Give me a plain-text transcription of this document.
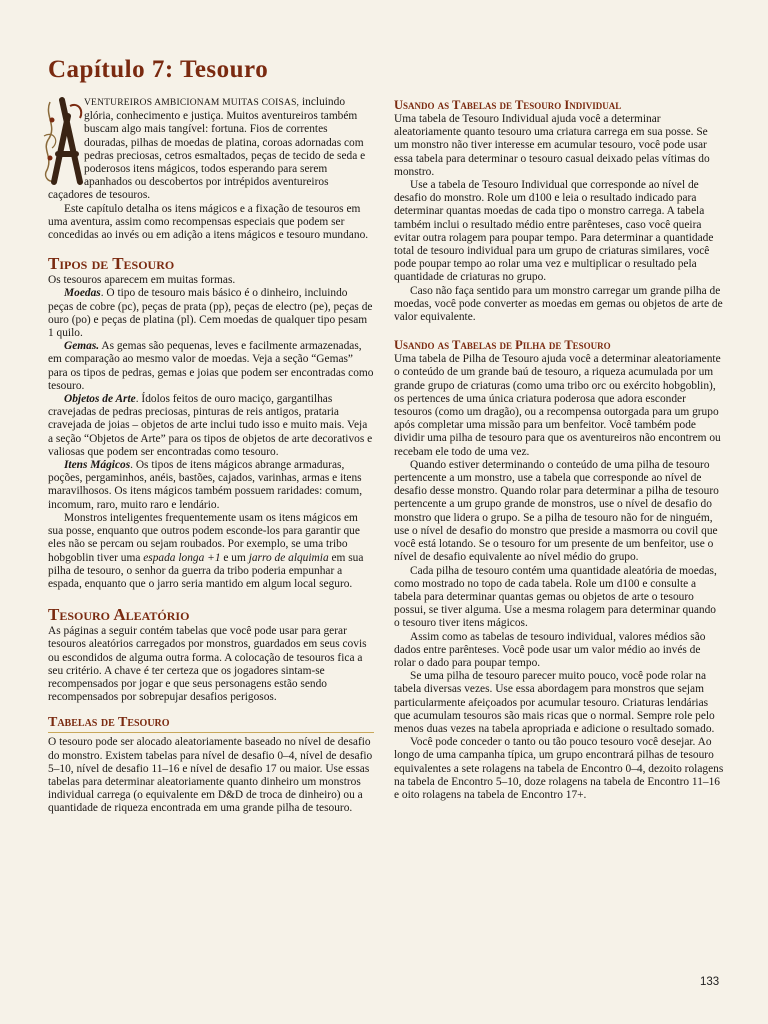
Capítulo 7: Tesouro

VENTUREIROS AMBICIONAM MUITAS COISAS, incluindo glória, conhecimento e justiça. Muitos aventureiros também buscam algo mais tangível: fortuna. Fios de correntes douradas, pilhas de moedas de platina, coroas adornadas com pedras preciosas, cetros esmaltados, peças de tecido de seda e poderosos itens mágicos, todos esperando para serem apanhados ou descobertos por intrépidos aventureiros caçadores de tesouros.

Este capítulo detalha os itens mágicos e a fixação de tesouros em uma aventura, assim como recompensas especiais que podem ser concedidas ao invés ou em adição a itens mágicos e tesouro mundano.

Tipos de Tesouro

Os tesouros aparecem em muitas formas.

Moedas. O tipo de tesouro mais básico é o dinheiro, incluindo peças de cobre (pc), peças de prata (pp), peças de electro (pe), peças de ouro (po) e peças de platina (pl). Cem moedas de qualquer tipo pesam 1 quilo.

Gemas. As gemas são pequenas, leves e facilmente armazenadas, em comparação ao mesmo valor de moedas. Veja a seção “Gemas” para os tipos de pedras, gemas e joias que podem ser encontradas como tesouro.

Objetos de Arte. Ídolos feitos de ouro maciço, gargantilhas cravejadas de pedras preciosas, pinturas de reis antigos, prataria cravejada de joias – objetos de arte inclui tudo isso e muito mais. Veja a seção “Objetos de Arte” para os tipos de objetos de arte decorativos e valiosas que podem ser encontradas como tesouro.

Itens Mágicos. Os tipos de itens mágicos abrange armaduras, poções, pergaminhos, anéis, bastões, cajados, varinhas, armas e itens maravilhosos. Os itens mágicos também possuem raridades: comum, incomum, raro, muito raro e lendário.

Monstros inteligentes frequentemente usam os itens mágicos em sua posse, enquanto que outros podem esconde-los para garantir que eles não se percam ou sejam roubados. Por exemplo, se uma tribo hobgoblin tiver uma espada longa +1 e um jarro de alquimia em sua pilha de tesouro, o senhor da guerra da tribo poderia empunhar a espada, enquanto que o jarro seria mantido em algum local seguro.

Tesouro Aleatório

As páginas a seguir contém tabelas que você pode usar para gerar tesouros aleatórios carregados por monstros, guardados em seus covis ou escondidos de alguma outra forma. A colocação de tesouros fica a seu critério. A chave é ter certeza que os jogadores sintam-se recompensados por jogar e que seus personagens estão sendo recompensados por sobrepujar desafios perigosos.

Tabelas de Tesouro

O tesouro pode ser alocado aleatoriamente baseado no nível de desafio do monstro. Existem tabelas para nível de desafio 0–4, nível de desafio 5–10, nível de desafio 11–16 e nível de desafio 17 ou maior. Use essas tabelas para determinar aleatoriamente quanto dinheiro um monstros individual carrega (o equivalente em D&D de troca de dinheiro) ou a quantidade de riqueza encontrada em uma grande pilha de tesouro.

Usando as Tabelas de Tesouro Individual

Uma tabela de Tesouro Individual ajuda você a determinar aleatoriamente quanto tesouro uma criatura carrega em sua posse. Se um monstro não tiver interesse em acumular tesouro, você pode usar essa tabela para determinar o tesouro casual deixado pelas vítimas do monstro.

Use a tabela de Tesouro Individual que corresponde ao nível de desafio do monstro. Role um d100 e leia o resultado indicado para determinar quantas moedas de cada tipo o monstro carrega. A tabela também inclui o resultado médio entre parênteses, caso você queira evitar outra rolagem para poupar tempo. Para determinar a quantidade total de tesouro individual para um grupo de criaturas similares, você pode poupar tempo ao rolar uma vez e multiplicar o resultado pela quantidade de criaturas no grupo.

Caso não faça sentido para um monstro carregar um grande pilha de moedas, você pode converter as moedas em gemas ou objetos de arte de valor equivalente.

Usando as Tabelas de Pilha de Tesouro

Uma tabela de Pilha de Tesouro ajuda você a determinar aleatoriamente o conteúdo de um grande baú de tesouro, a riqueza acumulada por um grande grupo de criaturas (como uma tribo orc ou exército hobgoblin), os pertences de uma única criatura poderosa que adora esconder tesouros (como um dragão), ou a recompensa outorgada para um grupo após completar uma missão para um benfeitor. Você também pode dividir uma pilha de tesouro para que os aventureiros não encontrem ou recebam ele todo de uma vez.

Quando estiver determinando o conteúdo de uma pilha de tesouro pertencente a um monstro, use a tabela que corresponde ao nível de desafio desse monstro. Quando rolar para determinar a pilha de tesouro pertencente a um grupo grande de monstros, use o nível de desafio do monstro que lidera o grupo. Se a pilha de tesouro não for de ninguém, use o nível de desafio do monstro que preside a masmorra ou covil que você está lotando. Se o tesouro for um presente de um benfeitor, use o nível de desafio equivalente ao nível médio do grupo.

Cada pilha de tesouro contém uma quantidade aleatória de moedas, como mostrado no topo de cada tabela. Role um d100 e consulte a tabela para determinar quantas gemas ou objetos de arte o tesouro possui, se tiver alguma. Use a mesma rolagem para determinar quando o tesouro tiver itens mágicos.

Assim como as tabelas de tesouro individual, valores médios são dados entre parênteses. Você pode usar um valor médio ao invés de rolar o dado para poupar tempo.

Se uma pilha de tesouro parecer muito pouco, você pode rolar na tabela diversas vezes. Use essa abordagem para monstros que sejam particularmente afeiçoados por acumular tesouro. Criaturas lendárias que acumulam tesouros são mais ricas que o normal. Sempre role pelo menos duas vezes na tabela apropriada e adicione o resultado somado.

Você pode conceder o tanto ou tão pouco tesouro você desejar. Ao longo de uma campanha típica, um grupo encontrará pilhas de tesouro equivalentes a sete rolagens na tabela de Encontro 0–4, dezoito rolagens na tabela de Encontro 5–10, doze rolagens na tabela de Encontro 11–16 e oito rolagens na tabela de Encontro 17+.

133
